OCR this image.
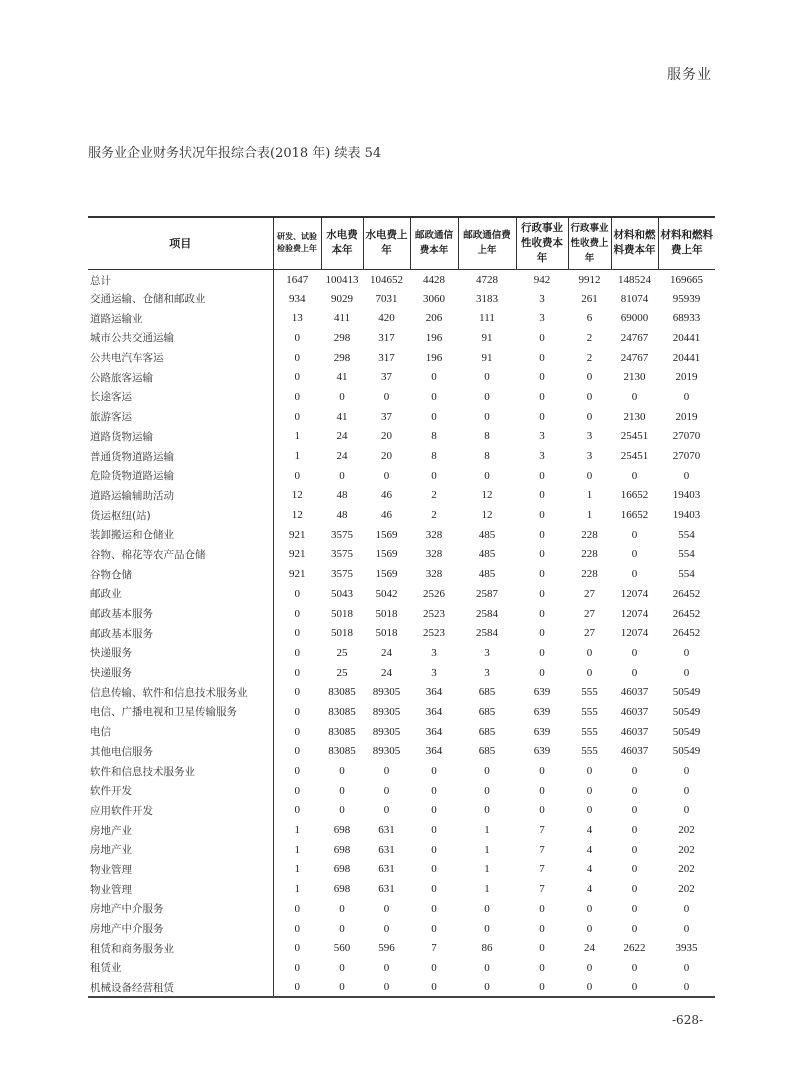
服务业
服务业企业财务状况年报综合表(2018 年) 续表 54
项目	研发、试验检验费上年	水电费本年	水电费上年	邮政通信费本年	邮政通信费上年	行政事业性收费本年	行政事业性收费上年	材料和燃料费本年	材料和燃料费上年
总计	1647	100413	104652	4428	4728	942	9912	148524	169665
交通运输、仓储和邮政业	934	9029	7031	3060	3183	3	261	81074	95939
道路运输业	13	411	420	206	111	3	6	69000	68933
城市公共交通运输	0	298	317	196	91	0	2	24767	20441
公共电汽车客运	0	298	317	196	91	0	2	24767	20441
公路旅客运输	0	41	37	0	0	0	0	2130	2019
长途客运	0	0	0	0	0	0	0	0	0
旅游客运	0	41	37	0	0	0	0	2130	2019
道路货物运输	1	24	20	8	8	3	3	25451	27070
普通货物道路运输	1	24	20	8	8	3	3	25451	27070
危险货物道路运输	0	0	0	0	0	0	0	0	0
道路运输辅助活动	12	48	46	2	12	0	1	16652	19403
货运枢纽(站)	12	48	46	2	12	0	1	16652	19403
装卸搬运和仓储业	921	3575	1569	328	485	0	228	0	554
谷物、棉花等农产品仓储	921	3575	1569	328	485	0	228	0	554
谷物仓储	921	3575	1569	328	485	0	228	0	554
邮政业	0	5043	5042	2526	2587	0	27	12074	26452
邮政基本服务	0	5018	5018	2523	2584	0	27	12074	26452
邮政基本服务	0	5018	5018	2523	2584	0	27	12074	26452
快递服务	0	25	24	3	3	0	0	0	0
快递服务	0	25	24	3	3	0	0	0	0
信息传输、软件和信息技术服务业	0	83085	89305	364	685	639	555	46037	50549
电信、广播电视和卫星传输服务	0	83085	89305	364	685	639	555	46037	50549
电信	0	83085	89305	364	685	639	555	46037	50549
其他电信服务	0	83085	89305	364	685	639	555	46037	50549
软件和信息技术服务业	0	0	0	0	0	0	0	0	0
软件开发	0	0	0	0	0	0	0	0	0
应用软件开发	0	0	0	0	0	0	0	0	0
房地产业	1	698	631	0	1	7	4	0	202
房地产业	1	698	631	0	1	7	4	0	202
物业管理	1	698	631	0	1	7	4	0	202
物业管理	1	698	631	0	1	7	4	0	202
房地产中介服务	0	0	0	0	0	0	0	0	0
房地产中介服务	0	0	0	0	0	0	0	0	0
租赁和商务服务业	0	560	596	7	86	0	24	2622	3935
租赁业	0	0	0	0	0	0	0	0	0
机械设备经营租赁	0	0	0	0	0	0	0	0	0
-628-
